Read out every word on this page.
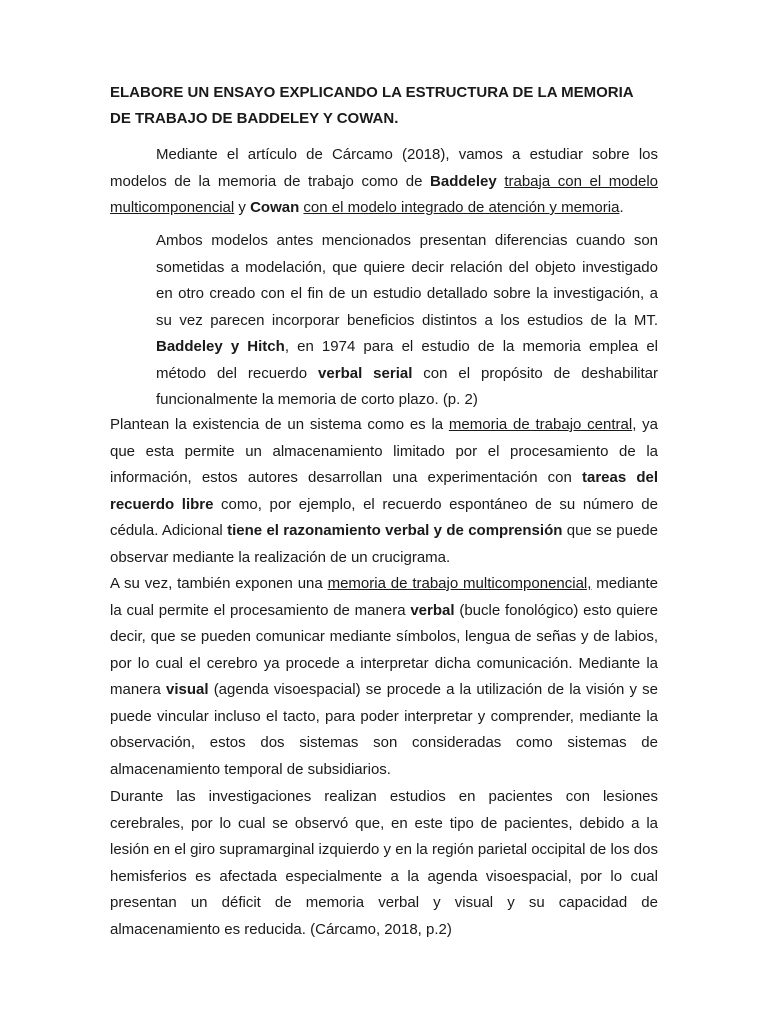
ELABORE UN ENSAYO EXPLICANDO LA ESTRUCTURA DE LA MEMORIA DE TRABAJO DE BADDELEY Y COWAN.

Mediante el artículo de Cárcamo (2018), vamos a estudiar sobre los modelos de la memoria de trabajo como de Baddeley trabaja con el modelo multicomponencial y Cowan con el modelo integrado de atención y memoria.

Ambos modelos antes mencionados presentan diferencias cuando son sometidas a modelación, que quiere decir relación del objeto investigado en otro creado con el fin de un estudio detallado sobre la investigación, a su vez parecen incorporar beneficios distintos a los estudios de la MT. Baddeley y Hitch, en 1974 para el estudio de la memoria emplea el método del recuerdo verbal serial con el propósito de deshabilitar funcionalmente la memoria de corto plazo. (p. 2)

Plantean la existencia de un sistema como es la memoria de trabajo central, ya que esta permite un almacenamiento limitado por el procesamiento de la información, estos autores desarrollan una experimentación con tareas del recuerdo libre como, por ejemplo, el recuerdo espontáneo de su número de cédula. Adicional tiene el razonamiento verbal y de comprensión que se puede observar mediante la realización de un crucigrama.

A su vez, también exponen una memoria de trabajo multicomponencial, mediante la cual permite el procesamiento de manera verbal (bucle fonológico) esto quiere decir, que se pueden comunicar mediante símbolos, lengua de señas y de labios, por lo cual el cerebro ya procede a interpretar dicha comunicación. Mediante la manera visual (agenda visoespacial) se procede a la utilización de la visión y se puede vincular incluso el tacto, para poder interpretar y comprender, mediante la observación, estos dos sistemas son consideradas como sistemas de almacenamiento temporal de subsidiarios.

Durante las investigaciones realizan estudios en pacientes con lesiones cerebrales, por lo cual se observó que, en este tipo de pacientes, debido a la lesión en el giro supramarginal izquierdo y en la región parietal occipital de los dos hemisferios es afectada especialmente a la agenda visoespacial, por lo cual presentan un déficit de memoria verbal y visual y su capacidad de almacenamiento es reducida. (Cárcamo, 2018, p.2)
